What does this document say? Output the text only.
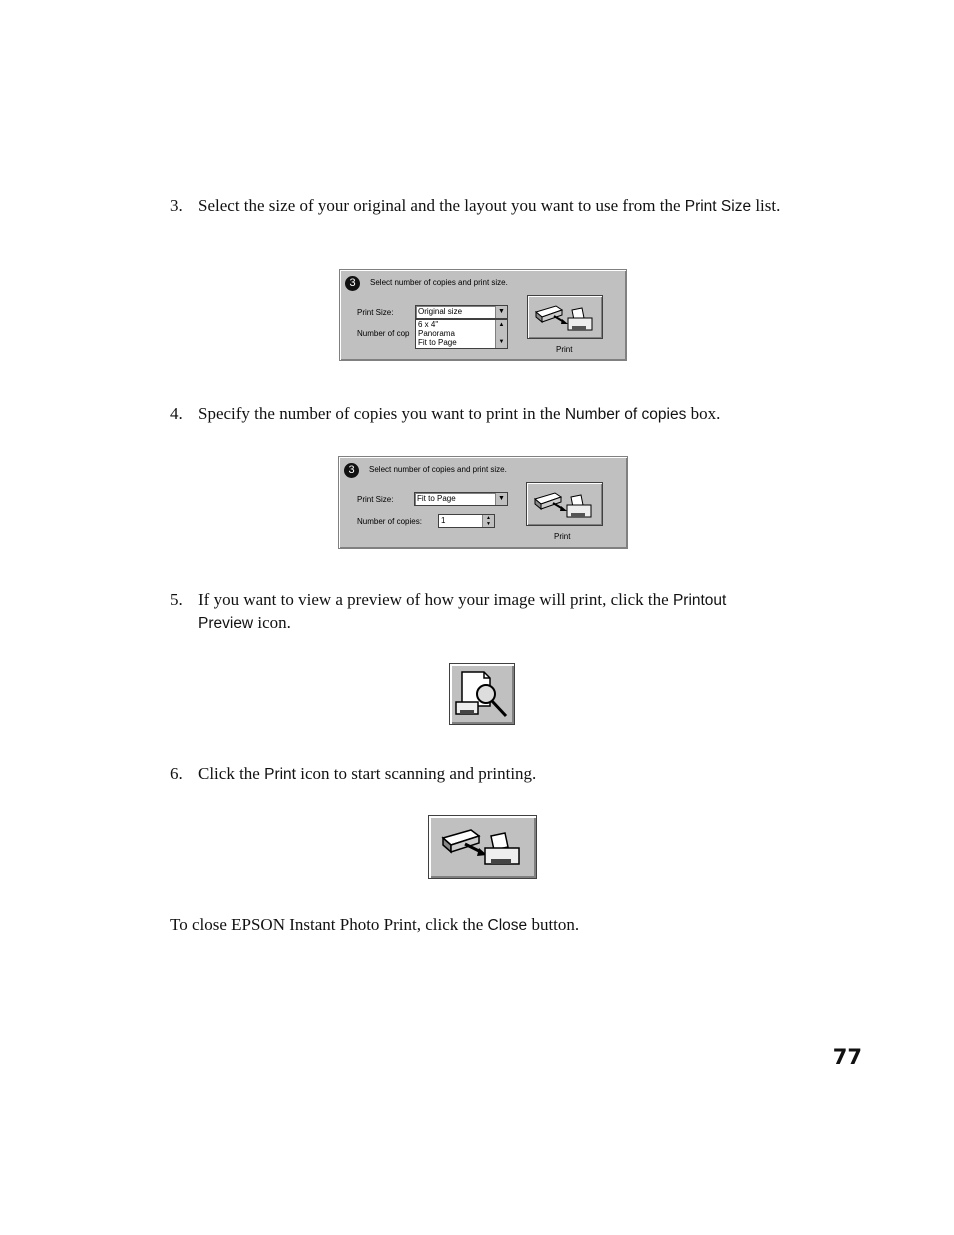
3. Select the size of your original and the layout you want to use from the Print Size list.
3	Select number of copies and print size.
Print Size:	Original size	▼
Number of cop
6 x 4"
Panorama
Fit to Page
▲
▼
Print
4. Specify the number of copies you want to print in the Number of copies box.
3	Select number of copies and print size.
Print Size:	Fit to Page	▼
Number of copies: 1	▲
▼
Print
5. If you want to view a preview of how your image will print, click the Printout Preview icon.
6. Click the Print icon to start scanning and printing.
To close EPSON Instant Photo Print, click the Close button.
77
